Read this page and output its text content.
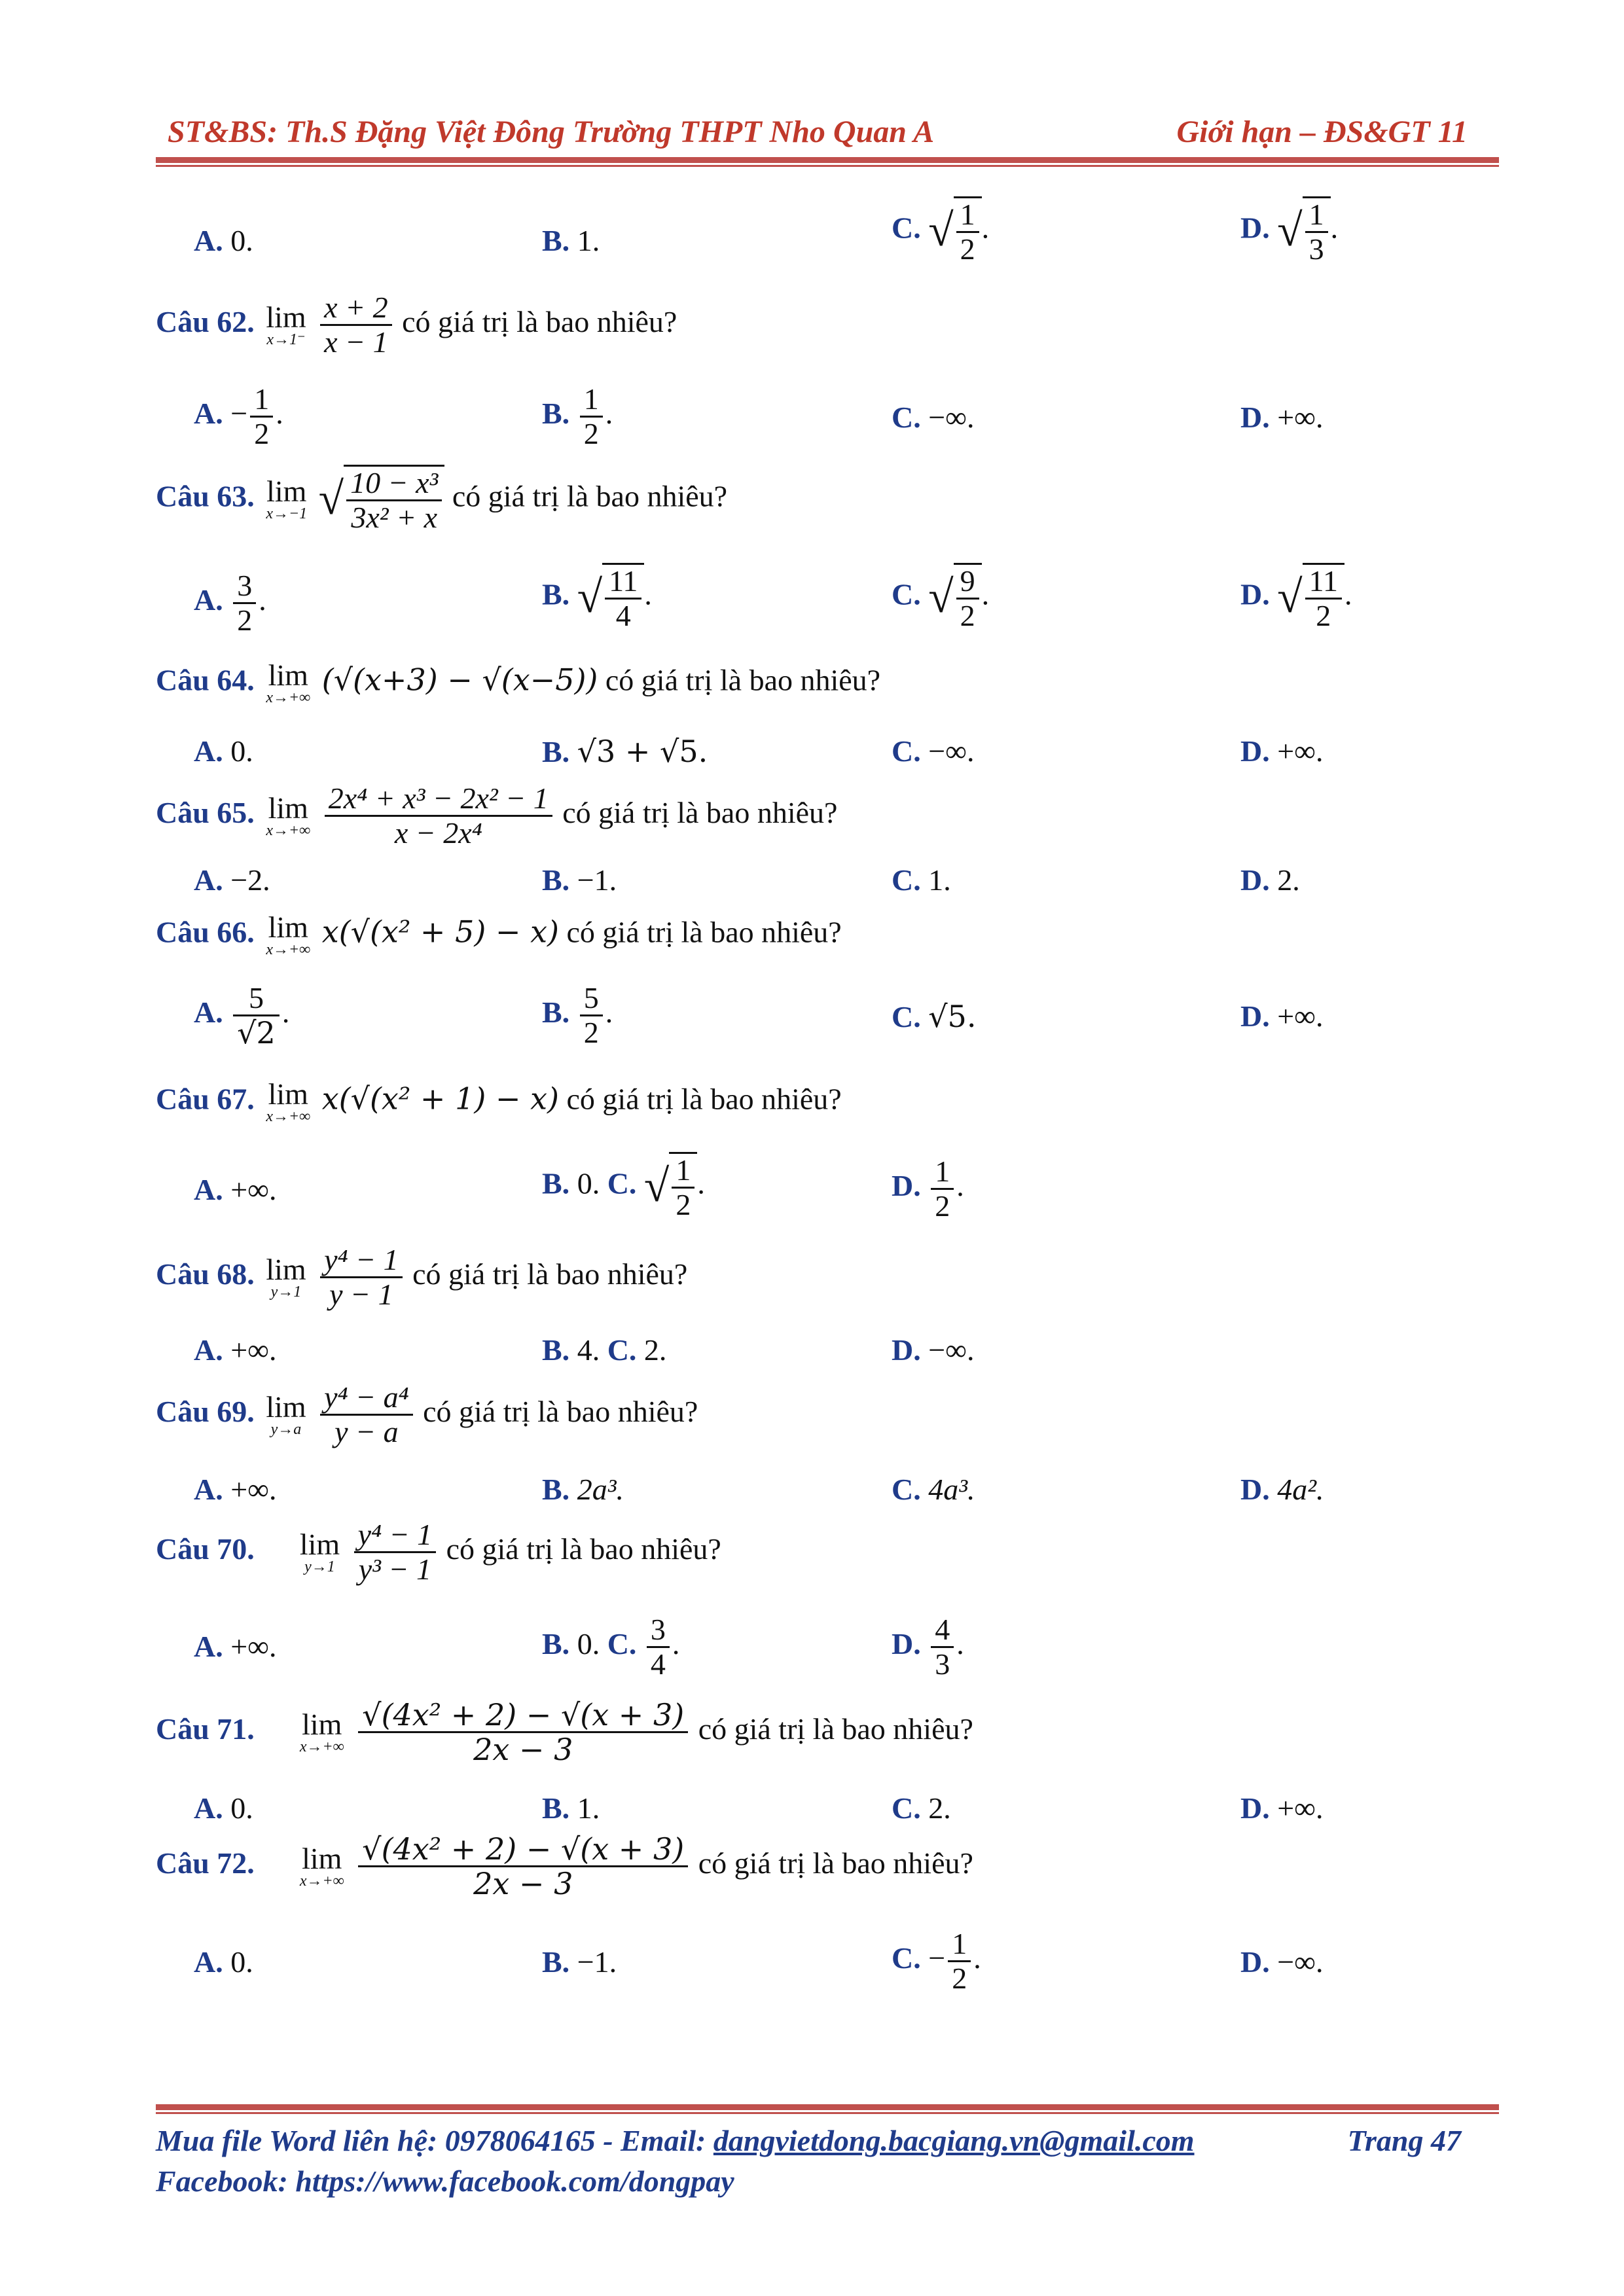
ST&BS: Th.S Đặng Việt Đông Trường THPT Nho Quan A	Giới hạn – ĐS&GT 11
A. 0.	B. 1.	C. √ $\frac{1}{2}$ .	D. √ $\frac{1}{3}$ .
Câu 62. lim
x→1⁻
$\frac{x + 2}{x - 1}$ có giá trị là bao nhiêu?
A. − $\frac{1}{2}$ .	B. $\frac{1}{2}$ .	C. −∞.	D. +∞.
Câu 63. lim
x→−1 √ $\frac{\text{10 − x³}}{\text{3x² + x}}$ có giá trị là bao nhiêu?
A. $\frac{3}{2}$ .	B. √ $\frac{11}{4}$ .	C. √ $\frac{9}{2}$ .	D. √ $\frac{11}{2}$ .
Câu 64. lim
x→+∞
(√(x+3) − √(x−5)) có giá trị là bao nhiêu?
A. 0.	B. √3 + √5.	C. −∞.	D. +∞.
Câu 65. lim
x→+∞
$\frac{\text{2x⁴ + x³ − 2x² − 1}}{\text{x − 2x⁴}}$ có giá trị là bao nhiêu?
A. −2.	B. −1.	C. 1.	D. 2.
Câu 66. lim
x→+∞
x(√(x² + 5) − x) có giá trị là bao nhiêu?
A. $\frac{5}{√2}$ .	B. $\frac{5}{2}$ .	C. √5.	D. +∞.
Câu 67. lim
x→+∞
x(√(x² + 1) − x) có giá trị là bao nhiêu?
A. +∞.	B. 0. C. √ $\frac{1}{2}$ .	D. $\frac{1}{2}$ .
Câu 68. lim
y→1
$\frac{\text{y⁴ − 1}}{y - 1}$ có giá trị là bao nhiêu?
A. +∞.	B. 4. C. 2.	D. −∞.
Câu 69. lim
y→a
$\frac{\text{y⁴ − a⁴}}{y - a}$ có giá trị là bao nhiêu?
A. +∞.	B. 2a³.	C. 4a³.	D. 4a².
Câu 70. lim
y→1
$\frac{\text{y⁴ − 1}}{\text{y³ − 1}}$ có giá trị là bao nhiêu?
A. +∞.	B. 0. C. $\frac{3}{4}$ .	D. $\frac{4}{3}$ .
Câu 71. lim
x→+∞
$\frac{\text{√(4x² + 2) − √(x + 3)}}{2x - 3}$ có giá trị là bao nhiêu?
A. 0.	B. 1.	C. 2.	D. +∞.
Câu 72. lim
x→+∞
$\frac{\text{√(4x² + 2) − √(x + 3)}}{2x - 3}$ có giá trị là bao nhiêu?
A. 0.	B. −1.	C. − $\frac{1}{2}$ .	D. −∞.
Mua file Word liên hệ: 0978064165 - Email: dangvietdong.bacgiang.vn@gmail.com	Trang 47
Facebook: https://www.facebook.com/dongpay
